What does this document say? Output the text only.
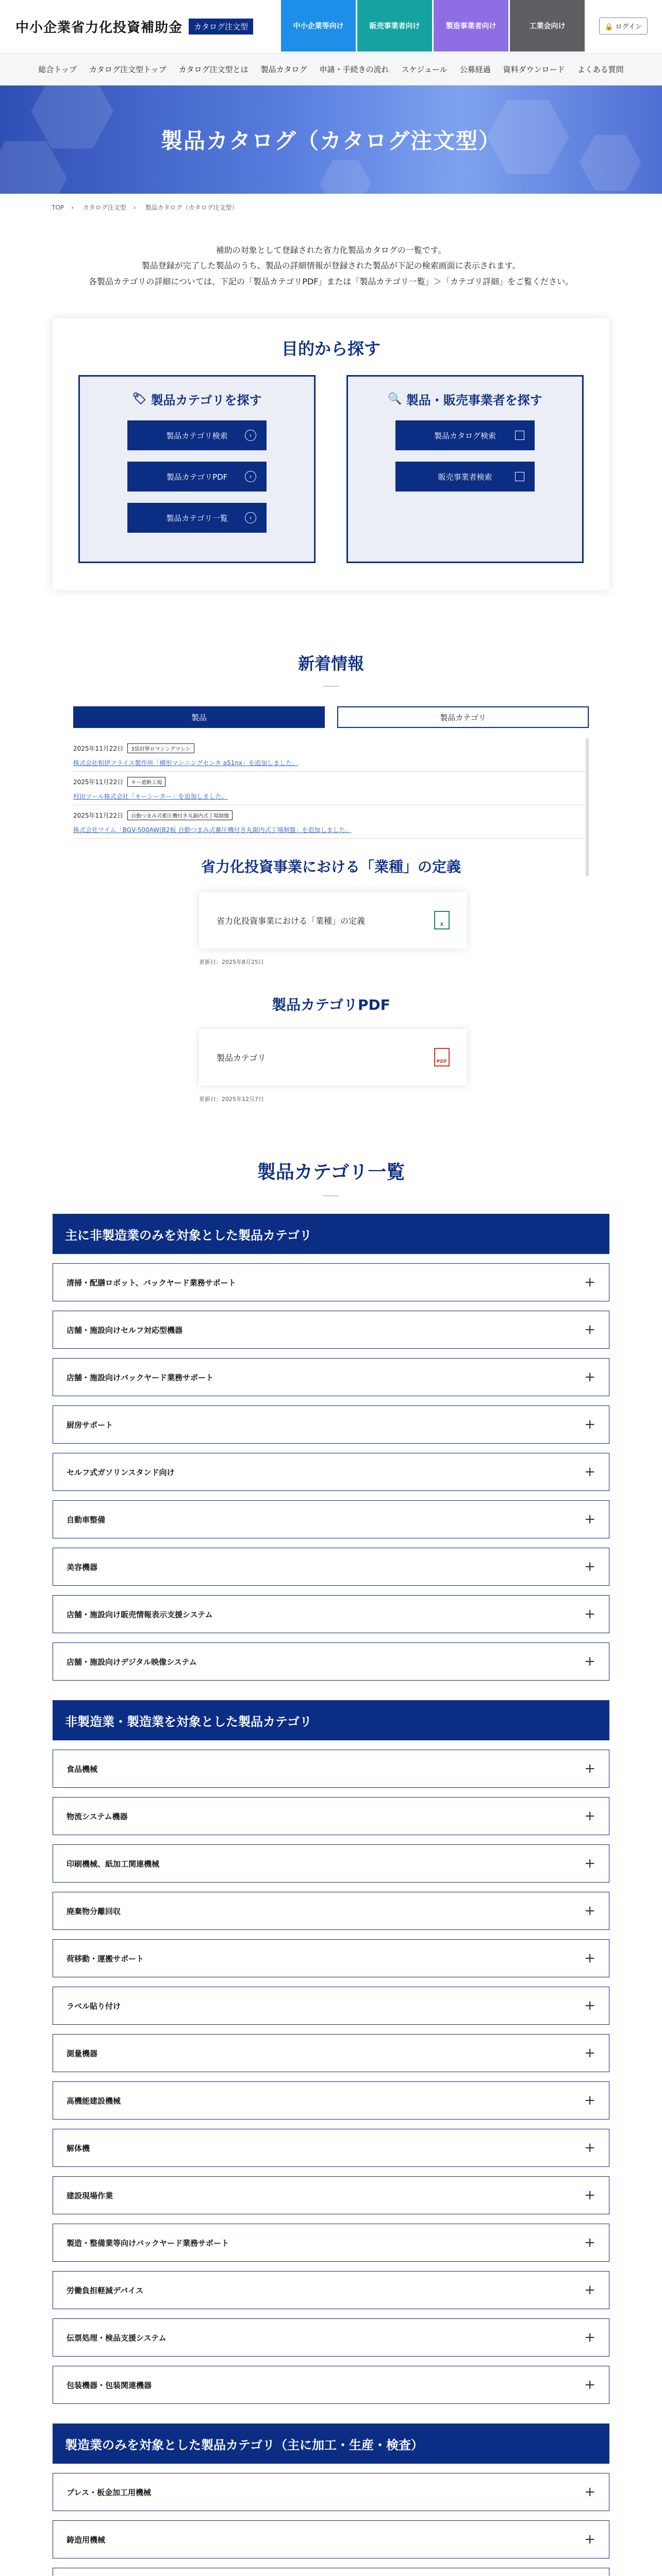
中小企業省力化投資補助金	カタログ注文型	中小企業等向け	販売事業者向け	製造事業者向け	工業会向け	🔒 ログイン
総合トップ	カタログ注文型トップ	カタログ注文型とは	製品カタログ	申請・手続きの流れ	スケジュール	公募経過	資料ダウンロード	よくある質問
製品カタログ（カタログ注文型）
TOP › カタログ注文型 › 製品カタログ（カタログ注文型）
補助の対象として登録された省力化製品カタログの一覧です。
製品登録が完了した製品のうち、製品の詳細情報が登録された製品が下記の検索画面に表示されます。
各製品カテゴリの詳細については、下記の「製品カテゴリPDF」または「製品カテゴリ一覧」＞「カテゴリ詳細」をご覧ください。
目的から探す
🏷 製品カテゴリを探す
製品カテゴリ検索	›
製品カテゴリPDF	›
製品カテゴリ一覧	›
🔍 製品・販売事業者を探す
製品カタログ検索
販売事業者検索
新着情報
製品	製品カテゴリ
2025年11月22日	3袋封寧ロマシングマシン
株式会社和伊フライス製作所「横形マシニングセンタ a51nx」を追加しました。
2025年11月22日	キー遮断工場
村田ツール株式会社「キーシーター」を追加しました。
2025年11月22日	自動つまみ式蓄圧機付き丸鋸内式丁場制盤
株式会社ワイム「BGV-500AW(B2板 自動つまみ式蓄圧機付き丸鋸内式丁場制盤」を追加しました。
省力化投資事業における「業種」の定義
省力化投資事業における「業種」の定義	X
更新日：2025年8月25日
製品カテゴリPDF
製品カテゴリ	PDF
更新日：2025年12月7日
製品カテゴリ一覧
主に非製造業のみを対象とした製品カテゴリ
清掃・配膳ロボット、バックヤード業務サポート	+
店舗・施設向けセルフ対応型機器	+
店舗・施設向けバックヤード業務サポート	+
厨房サポート	+
セルフ式ガソリンスタンド向け	+
自動車整備	+
美容機器	+
店舗・施設向け販売情報表示支援システム	+
店舗・施設向けデジタル映像システム	+
非製造業・製造業を対象とした製品カテゴリ
食品機械	+
物流システム機器	+
印刷機械、紙加工関連機械	+
廃棄物分離回収	+
荷移動・運搬サポート	+
ラベル貼り付け	+
測量機器	+
高機能建設機械	+
解体機	+
建設現場作業	+
製造・整備業等向けバックヤード業務サポート	+
労働負担軽減デバイス	+
伝票処理・検品支援システム	+
包装機器・包装関連機器	+
製造業のみを対象とした製品カテゴリ（主に加工・生産・検査）
プレス・板金加工用機械	+
鋳造用機械	+
